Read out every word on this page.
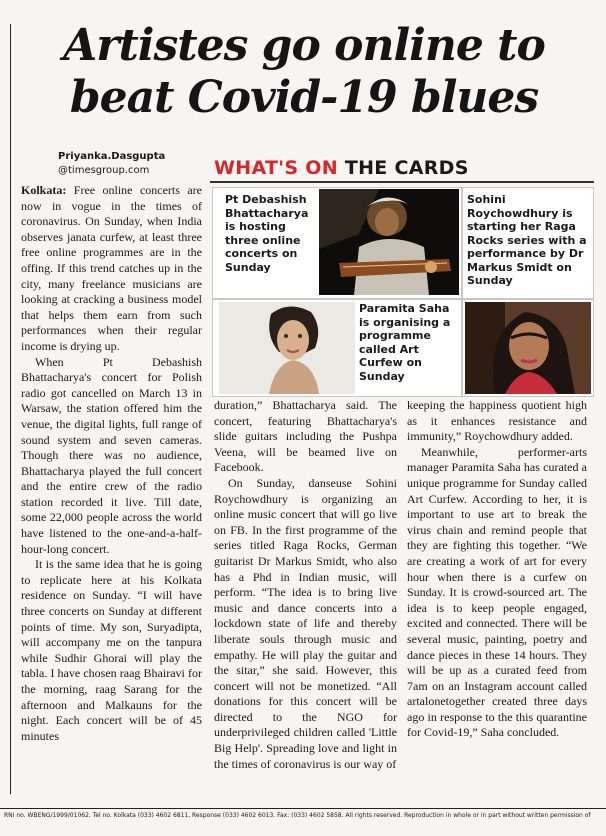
Artistes go online to
beat Covid-19 blues
Priyanka.Dasgupta
@timesgroup.com	WHAT'S ON THE CARDS
Pt Debashish Bhattacharya is hosting three online concerts on Sunday
Sohini Roychowdhury is starting her Raga Rocks series with a performance by Dr Markus Smidt on Sunday
Paramita Saha is organising a programme called Art Curfew on Sunday

Kolkata: Free online concerts are now in vogue in the times of coronavirus. On Sunday, when India observes janata curfew, at least three free online programmes are in the offing. If this trend catches up in the city, many freelance musicians are looking at cracking a business model that helps them earn from such performances when their regular income is drying up.

When Pt Debashish Bhattacharya's concert for Polish radio got cancelled on March 13 in Warsaw, the station offered him the venue, the digital lights, full range of sound system and seven cameras. Though there was no audience, Bhattacharya played the full concert and the entire crew of the radio station recorded it live. Till date, some 22,000 people across the world have listened to the one-and-a-half-hour-long concert.

It is the same idea that he is going to replicate here at his Kolkata residence on Sunday. “I will have three concerts on Sunday at different points of time. My son, Suryadipta, will accompany me on the tanpura while Sudhir Ghorai will play the tabla. I have chosen raag Bhairavi for the morning, raag Sarang for the afternoon and Malkauns for the night. Each concert will be of 45 minutes

duration,” Bhattacharya said. The concert, featuring Bhattacharya's slide guitars including the Pushpa Veena, will be beamed live on Facebook.

On Sunday, danseuse Sohini Roychowdhury is organizing an online music concert that will go live on FB. In the first programme of the series titled Raga Rocks, German guitarist Dr Markus Smidt, who also has a Phd in Indian music, will perform. “The idea is to bring live music and dance concerts into a lockdown state of life and thereby liberate souls through music and empathy. He will play the guitar and the sitar,” she said. However, this concert will not be monetized. “All donations for this concert will be directed to the NGO for underprivileged children called 'Little Big Help'. Spreading love and light in the times of coronavirus is our way of

keeping the happiness quotient high as it enhances resistance and immunity,” Roychowdhury added.

Meanwhile, performer-arts manager Paramita Saha has curated a unique programme for Sunday called Art Curfew. According to her, it is important to use art to break the virus chain and remind people that they are fighting this together. “We are creating a work of art for every hour when there is a curfew on Sunday. It is crowd-sourced art. The idea is to keep people engaged, excited and connected. There will be several music, painting, poetry and dance pieces in these 14 hours. They will be up as a curated feed from 7am on an Instagram account called artalonetogether created three days ago in response to the this quarantine for Covid-19,” Saha concluded.

RNI no. WBENG/1999/01062. Tel no. Kolkata (033) 4602 6811, Response (033) 4602 6013. Fax: (033) 4602 5858. All rights reserved. Reproduction in whole or in part without written permission of
